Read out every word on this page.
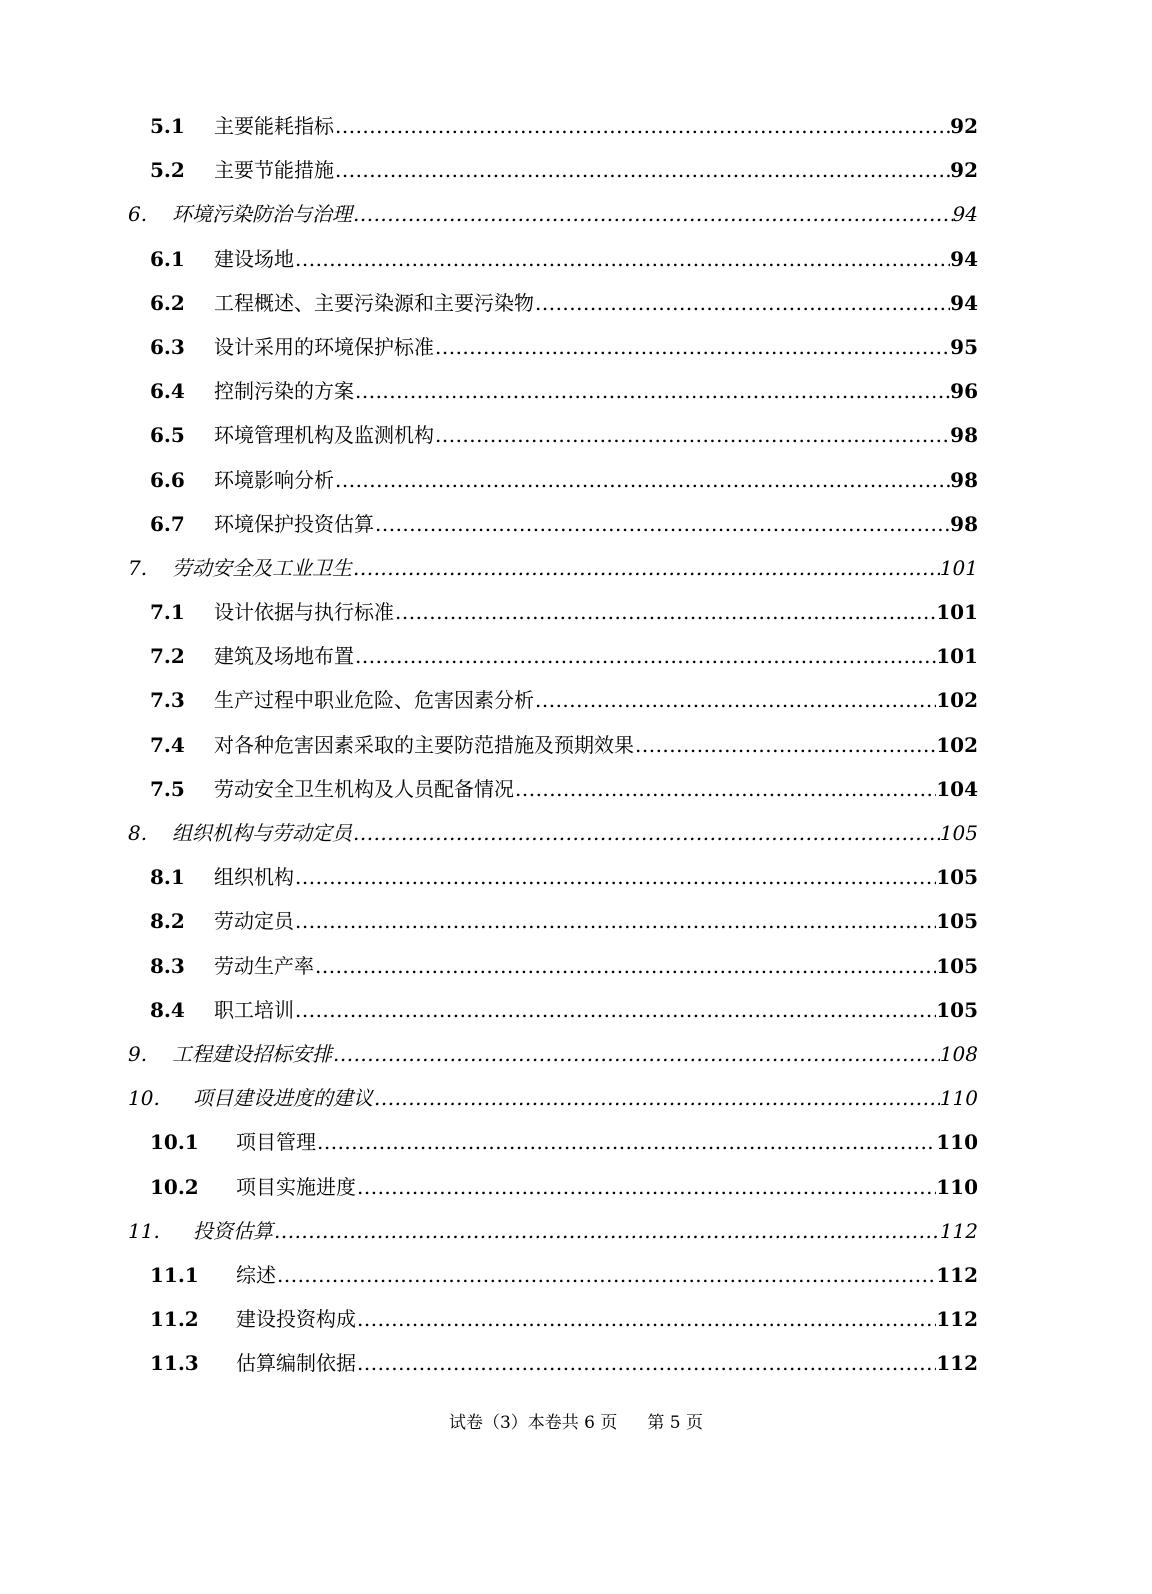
5.1 主要能耗指标 .....	92
5.2 主要节能措施 .....	92
6. 环境污染防治与治理 .....	94
6.1 建设场地 .....	94
6.2 工程概述、主要污染源和主要污染物 .....	94
6.3 设计采用的环境保护标准 .....	95
6.4 控制污染的方案 .....	96
6.5 环境管理机构及监测机构 .....	98
6.6 环境影响分析 .....	98
6.7 环境保护投资估算 .....	98
7. 劳动安全及工业卫生 .....	101
7.1 设计依据与执行标准 .....	101
7.2 建筑及场地布置 .....	101
7.3 生产过程中职业危险、危害因素分析 .....	102
7.4 对各种危害因素采取的主要防范措施及预期效果 .....	102
7.5 劳动安全卫生机构及人员配备情况 .....	104
8. 组织机构与劳动定员 .....	105
8.1 组织机构 .....	105
8.2 劳动定员 .....	105
8.3 劳动生产率 .....	105
8.4 职工培训 .....	105
9. 工程建设招标安排 .....	108
10. 项目建设进度的建议 .....	110
10.1 项目管理 .....	110
10.2 项目实施进度 .....	110
11. 投资估算 .....	112
11.1 综述 .....	112
11.2 建设投资构成 .....	112
11.3 估算编制依据 .....	112
试卷（3）本卷共 6 页 第 5 页
